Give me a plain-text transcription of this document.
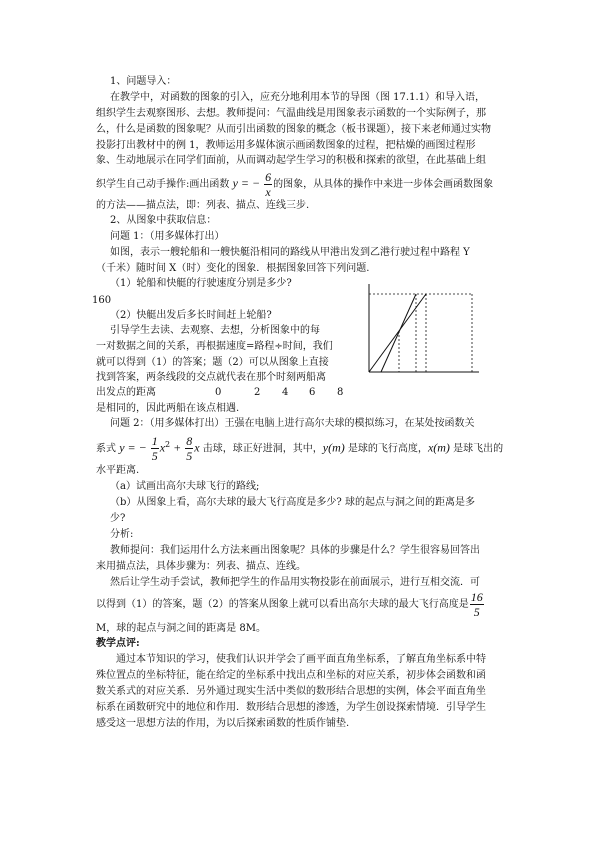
1、问题导入：
在教学中，对函数的图象的引入，应充分地利用本节的导图（图 17.1.1）和导入语，
组织学生去观察图形、去想。教师提问：气温曲线是用图象表示函数的一个实际例子，那
么，什么是函数的图象呢？从而引出函数的图象的概念（板书课题），接下来老师通过实物
投影打出教材中的例 1，教师运用多媒体演示画函数图象的过程，把枯燥的画图过程形
象、生动地展示在同学们面前，从而调动起学生学习的积极和探索的欲望，在此基础上组
织学生自己动手操作:画出函数 y = − $\frac{6}{x}$ 的图象，从具体的操作中来进一步体会画函数图象
的方法——描点法，即：列表、描点、连线三步.
2、从图象中获取信息：
问题 1：（用多媒体打出）
如图，表示一艘轮船和一艘快艇沿相同的路线从甲港出发到乙港行驶过程中路程 Y
（千米）随时间 X（时）变化的图象．根据图象回答下列问题.
（1）轮船和快艇的行驶速度分别是多少?
160
（2）快艇出发后多长时间赶上轮船?
引导学生去读、去观察、去想，分析图象中的每
一对数据之间的关系，再根据速度=路程÷时间，我们
就可以得到（1）的答案；题（2）可以从图象上直接
找到答案，两条线段的交点就代表在那个时刻两船离
出发点的距离	0	2 4 6 8
是相同的，因此两船在该点相遇.
问题 2：（用多媒体打出）王强在电脑上进行高尔夫球的模拟练习，在某处按函数关
系式 y = − $\frac{1}{5} x^2 + \frac{8}{5}$ x 击球，球正好进洞，其中，y(m) 是球的飞行高度，x(m) 是球飞出的
水平距离.
（a）试画出高尔夫球飞行的路线;
（b）从图象上看，高尔夫球的最大飞行高度是多少? 球的起点与洞之间的距离是多
少?
分析:
教师提问：我们运用什么方法来画出图象呢？具体的步骤是什么？学生很容易回答出
来用描点法，具体步骤为：列表、描点、连线。
然后让学生动手尝试，教师把学生的作品用实物投影在前面展示，进行互相交流．可
以得到（1）的答案，题（2）的答案从图象上就可以看出高尔夫球的最大飞行高度是 $\frac{16}{5}$
M，球的起点与洞之间的距离是 8M。
教学点评:
通过本节知识的学习，使我们认识并学会了画平面直角坐标系，了解直角坐标系中特
殊位置点的坐标特征，能在给定的坐标系中找出点和坐标的对应关系，初步体会函数和函
数关系式的对应关系．另外通过现实生活中类似的数形结合思想的实例，体会平面直角坐
标系在函数研究中的地位和作用．数形结合思想的渗透，为学生创设探索情境．引导学生
感受这一思想方法的作用，为以后探索函数的性质作铺垫.
